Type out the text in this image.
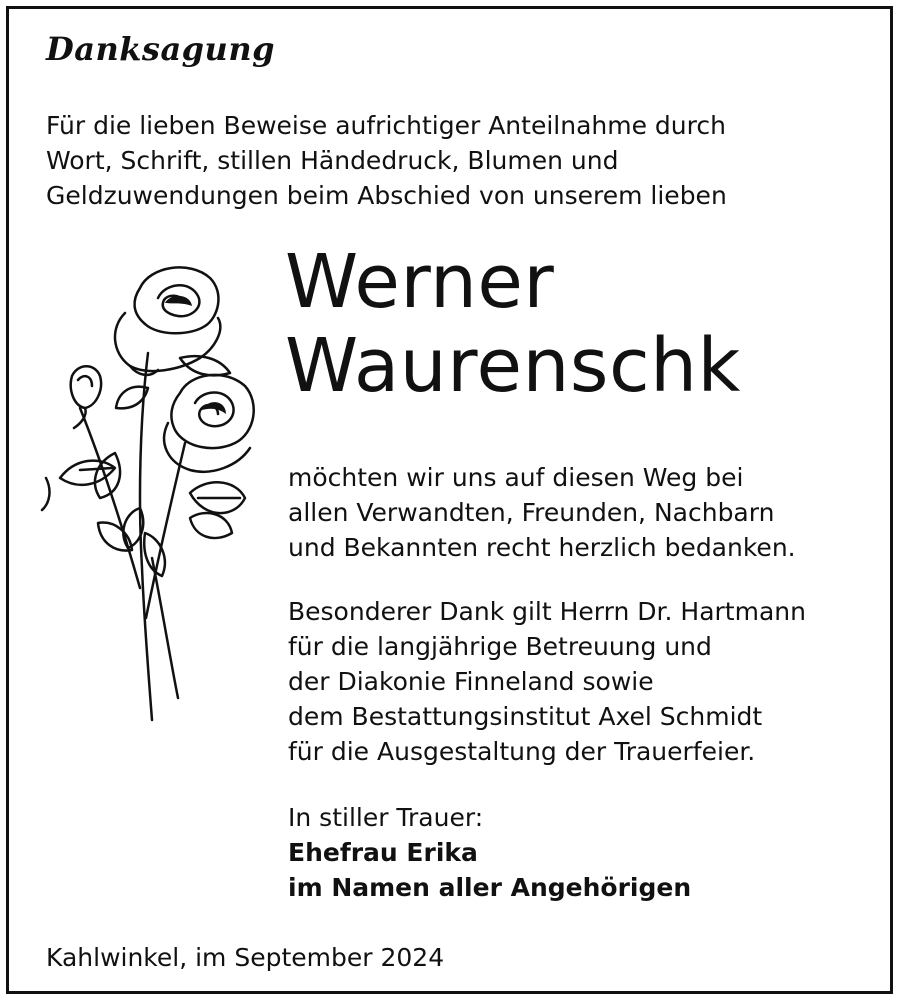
Danksagung
Für die lieben Beweise aufrichtiger Anteilnahme durch
Wort, Schrift, stillen Händedruck, Blumen und
Geldzuwendungen beim Abschied von unserem lieben
Werner
Waurenschk
möchten wir uns auf diesen Weg bei
allen Verwandten, Freunden, Nachbarn
und Bekannten recht herzlich bedanken.
Besonderer Dank gilt Herrn Dr. Hartmann
für die langjährige Betreuung und
der Diakonie Finneland sowie
dem Bestattungsinstitut Axel Schmidt
für die Ausgestaltung der Trauerfeier.
In stiller Trauer:
Ehefrau Erika
im Namen aller Angehörigen
Kahlwinkel, im September 2024
